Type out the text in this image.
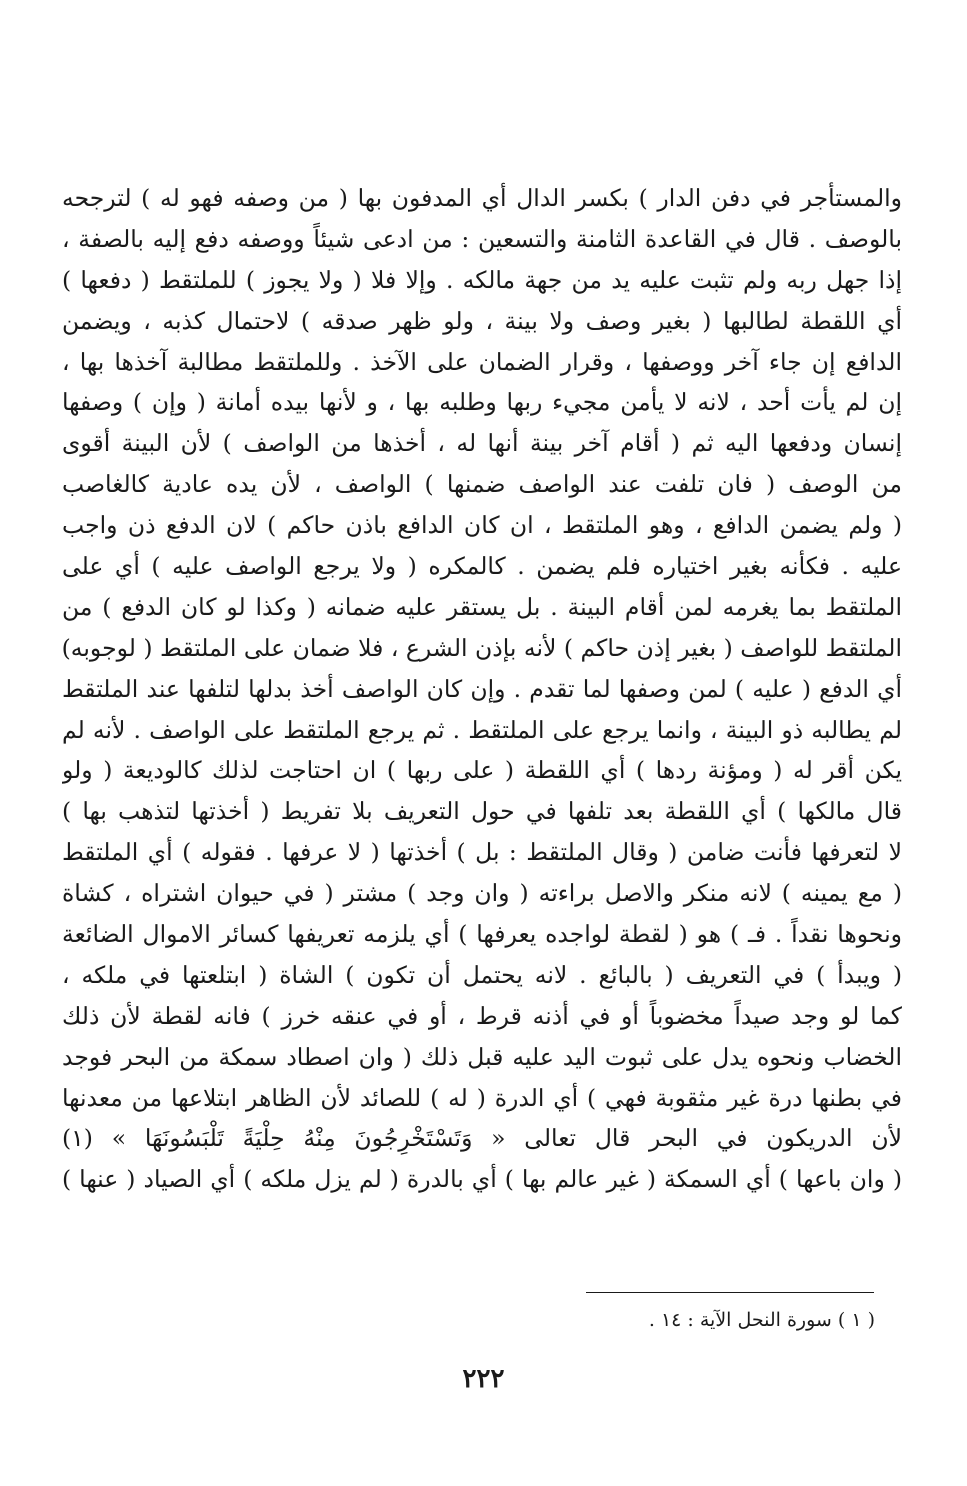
والمستأجر في دفن الدار ) بكسر الدال أي المدفون بها ( من وصفه فهو له ) لترجحه
بالوصف . قال في القاعدة الثامنة والتسعين : من ادعى شيئاً ووصفه دفع إليه بالصفة ،
إذا جهل ربه ولم تثبت عليه يد من جهة مالكه . وإلا فلا ( ولا يجوز ) للملتقط ( دفعها )
أي اللقطة لطالبها ( بغير وصف ولا بينة ، ولو ظهر صدقه ) لاحتمال كذبه ، ويضمن
الدافع إن جاء آخر ووصفها ، وقرار الضمان على الآخذ . وللملتقط مطالبة آخذها بها ،
إن لم يأت أحد ، لانه لا يأمن مجيء ربها وطلبه بها ، و لأنها بيده أمانة ( وإن ) وصفها
إنسان ودفعها اليه ثم ( أقام آخر بينة أنها له ، أخذها من الواصف ) لأن البينة أقوى
من الوصف ( فان تلفت عند الواصف ضمنها ) الواصف ، لأن يده عادية كالغاصب
( ولم يضمن الدافع ، وهو الملتقط ، ان كان الدافع باذن حاكم ) لان الدفع ذن واجب
عليه . فكأنه بغير اختياره فلم يضمن . كالمكره ( ولا يرجع الواصف عليه ) أي على
الملتقط بما يغرمه لمن أقام البينة . بل يستقر عليه ضمانه ( وكذا لو كان الدفع ) من
الملتقط للواصف ( بغير إذن حاكم ) لأنه بإذن الشرع ، فلا ضمان على الملتقط ( لوجوبه)
أي الدفع ( عليه ) لمن وصفها لما تقدم . وإن كان الواصف أخذ بدلها لتلفها عند الملتقط
لم يطالبه ذو البينة ، وانما يرجع على الملتقط . ثم يرجع الملتقط على الواصف . لأنه لم
يكن أقر له ( ومؤنة ردها ) أي اللقطة ( على ربها ) ان احتاجت لذلك كالوديعة ( ولو
قال مالكها ) أي اللقطة بعد تلفها في حول التعريف بلا تفريط ( أخذتها لتذهب بها )
لا لتعرفها فأنت ضامن ( وقال الملتقط : بل ) أخذتها ( لا عرفها . فقوله ) أي الملتقط
( مع يمينه ) لانه منكر والاصل براءته ( وان وجد ) مشتر ( في حيوان اشتراه ، كشاة
ونحوها نقداً . فـ ) هو ( لقطة لواجده يعرفها ) أي يلزمه تعريفها كسائر الاموال الضائعة
( ويبدأ ) في التعريف ( بالبائع . لانه يحتمل أن تكون ) الشاة ( ابتلعتها في ملكه ،
كما لو وجد صيداً مخضوباً أو في أذنه قرط ، أو في عنقه خرز ) فانه لقطة لأن ذلك
الخضاب ونحوه يدل على ثبوت اليد عليه قبل ذلك ( وان اصطاد سمكة من البحر فوجد
في بطنها درة غير مثقوبة فهي ) أي الدرة ( له ) للصائد لأن الظاهر ابتلاعها من معدنها
لأن الدريكون في البحر قال تعالى « وَتَسْتَخْرِجُونَ مِنْهُ حِلْيَةً تَلْبَسُونَهَا » (١)
( وان باعها ) أي السمكة ( غير عالم بها ) أي بالدرة ( لم يزل ملكه ) أي الصياد ( عنها )
( ١ ) سورة النحل الآية : ١٤ .
٢٢٢
